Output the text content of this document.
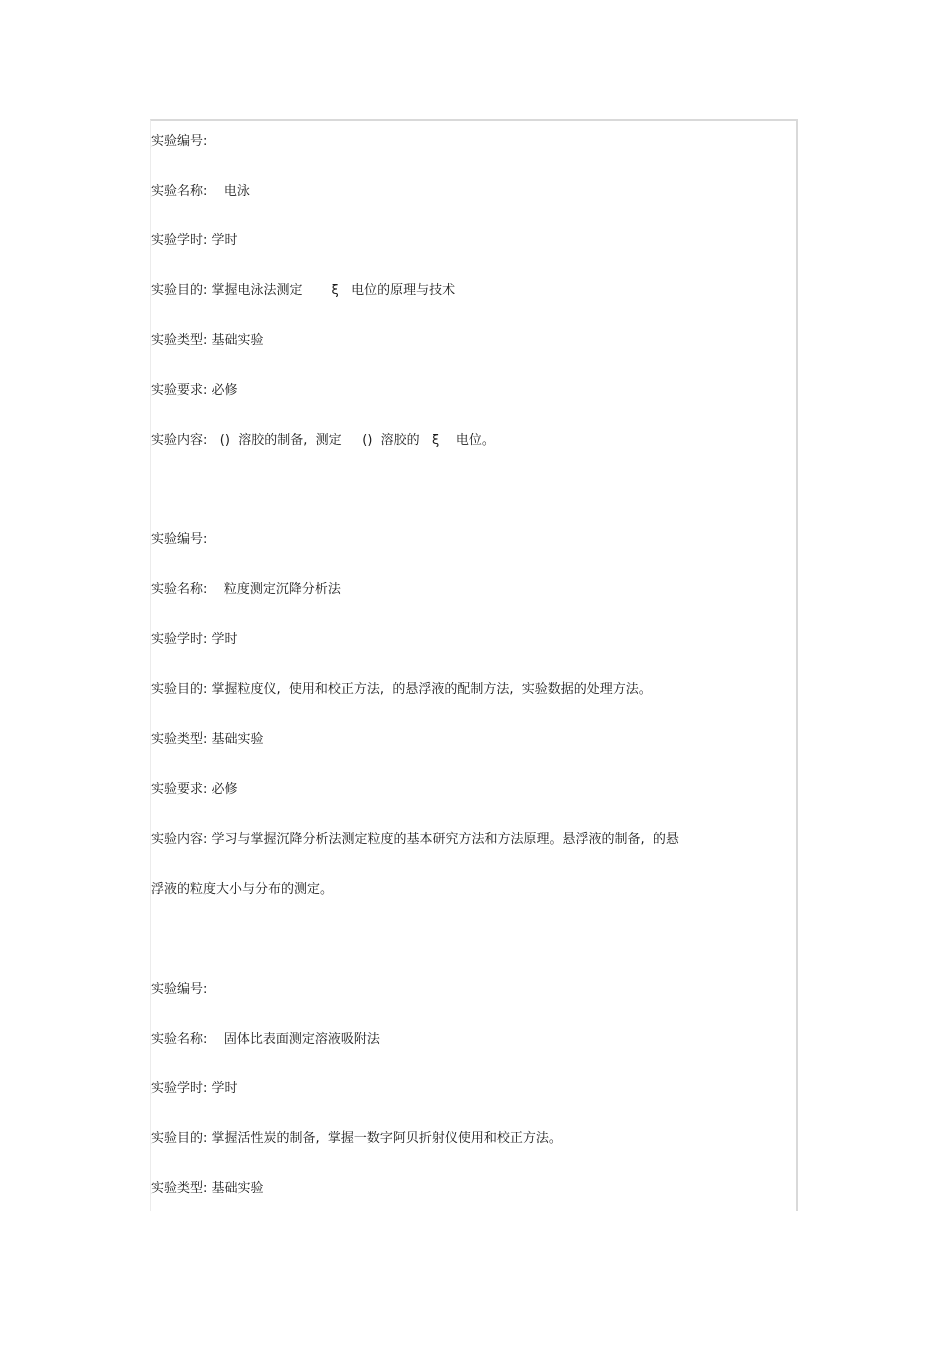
实验编号:
实验名称:    电泳
实验学时: 学时
实验目的: 掌握电泳法测定       ξ   电位的原理与技术
实验类型: 基础实验
实验要求: 必修
实验内容:   ()  溶胶的制备,  测定     ()  溶胶的   ξ    电位。
实验编号:
实验名称:    粒度测定沉降分析法
实验学时: 学时
实验目的: 掌握粒度仪,  使用和校正方法,  的悬浮液的配制方法,  实验数据的处理方法。
实验类型: 基础实验
实验要求: 必修
实验内容: 学习与掌握沉降分析法测定粒度的基本研究方法和方法原理。悬浮液的制备,  的悬
浮液的粒度大小与分布的测定。
实验编号:
实验名称:    固体比表面测定溶液吸附法
实验学时: 学时
实验目的: 掌握活性炭的制备,  掌握一数字阿贝折射仪使用和校正方法。
实验类型: 基础实验
